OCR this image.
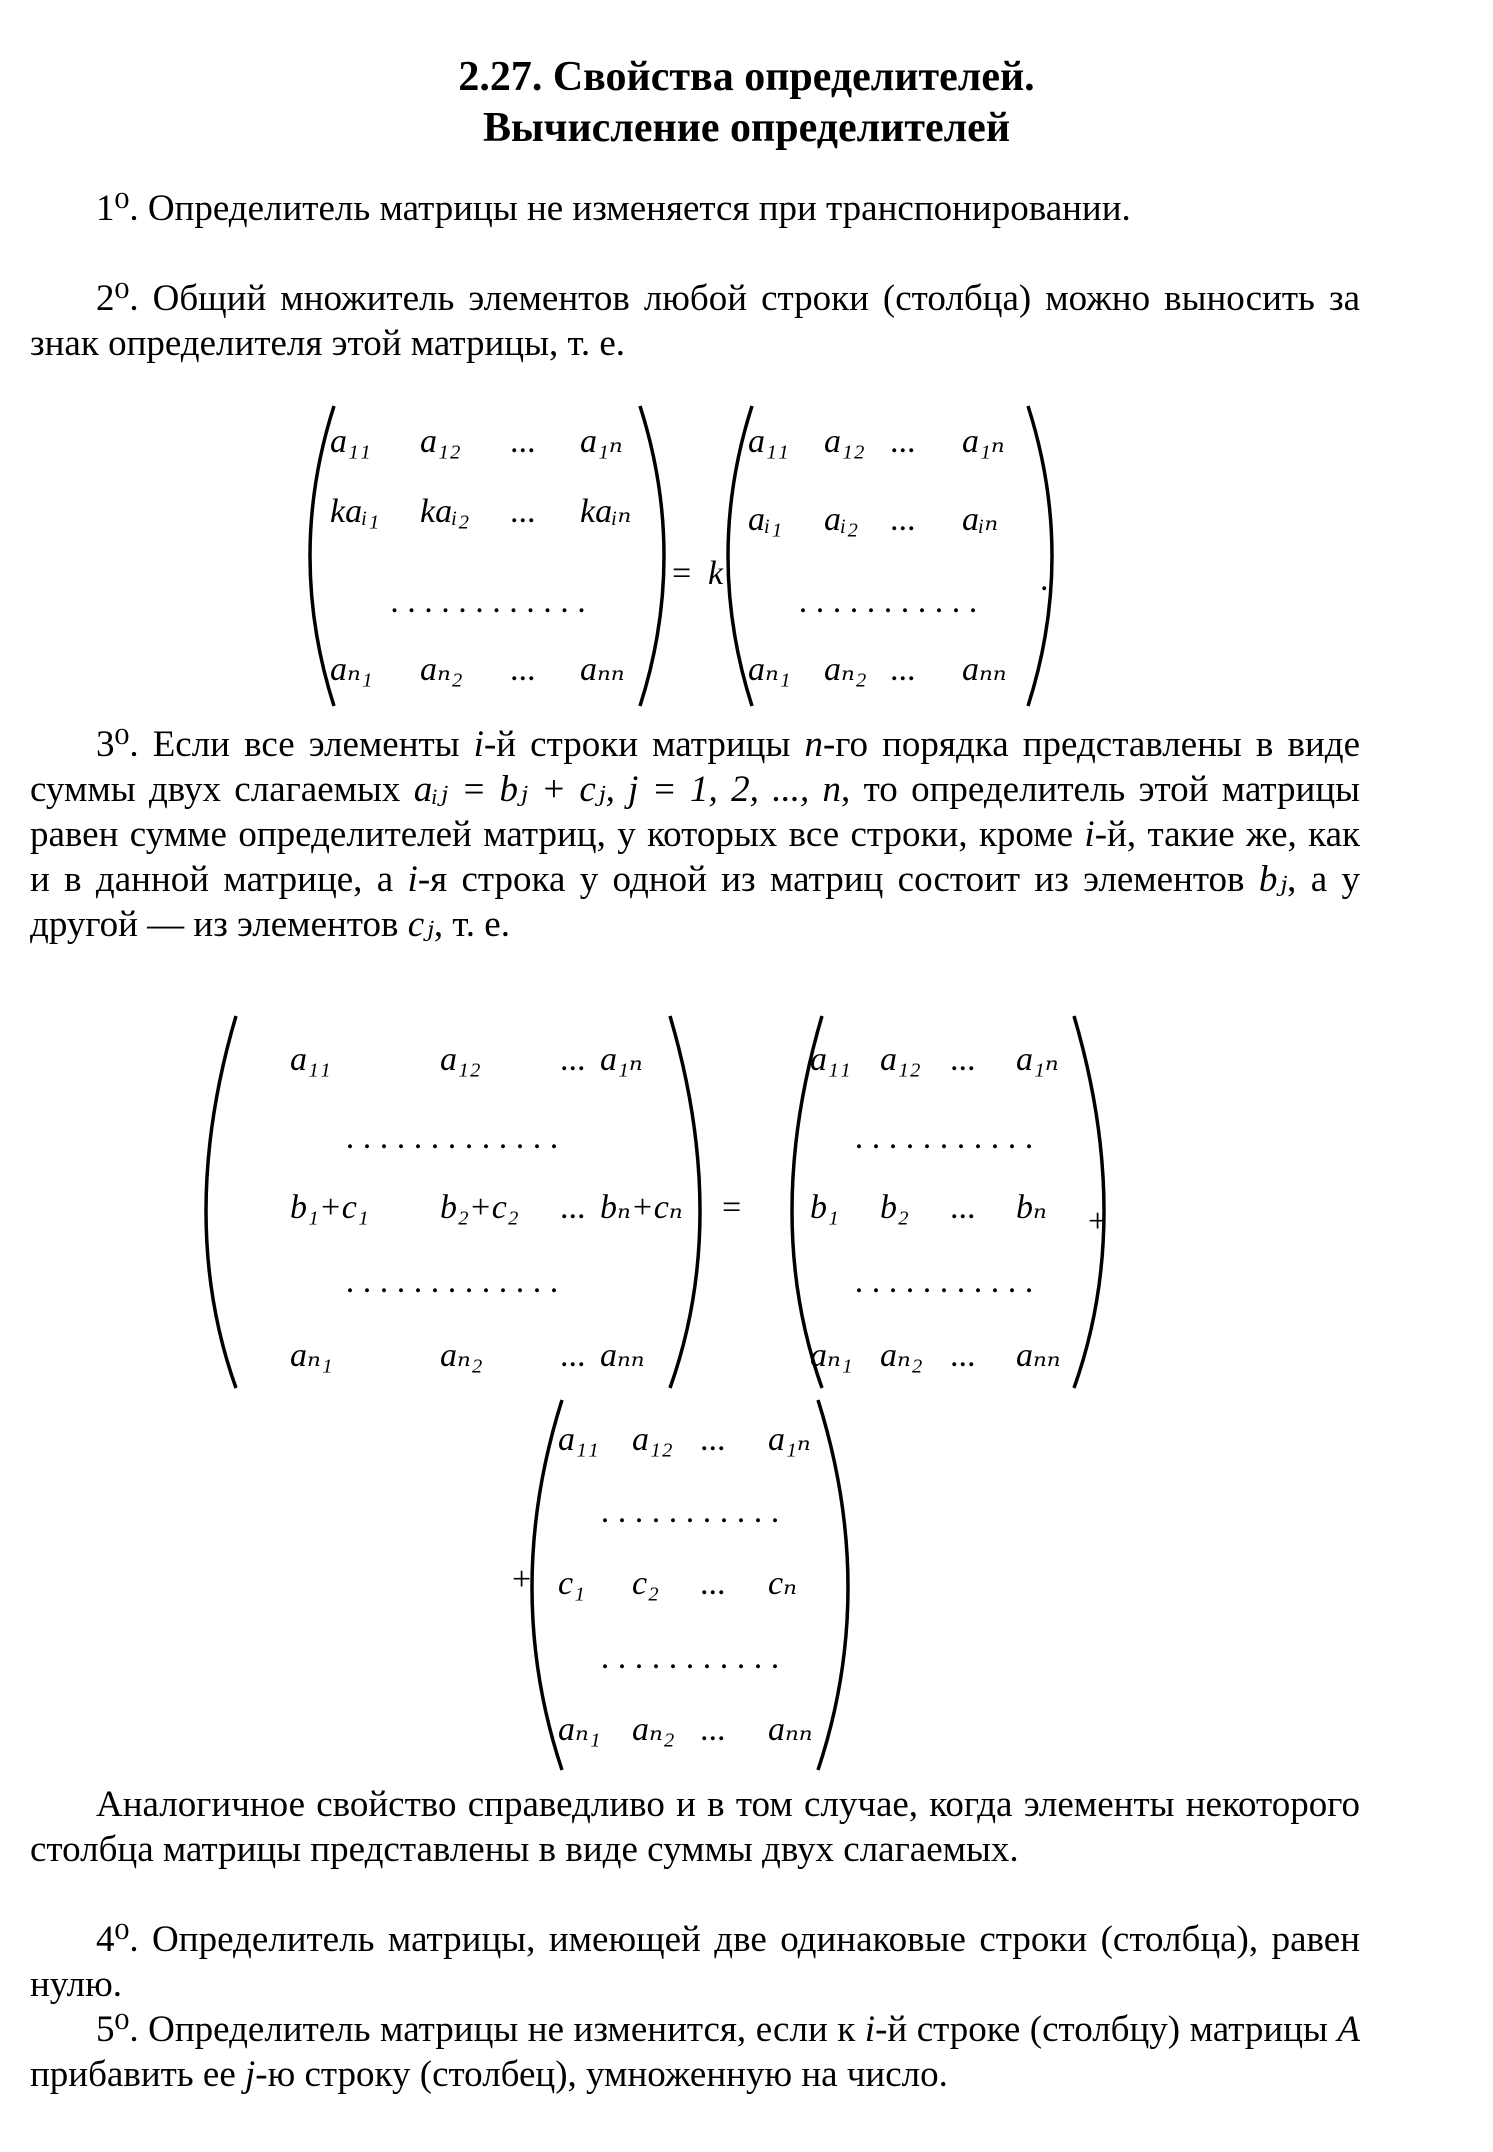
2.27. Свойства определителей.
Вычисление определителей
1⁰. Определитель матрицы не изменяется при транспонировании.
2⁰. Общий множитель элементов любой строки (столбца) можно выносить за знак определителя этой матрицы, т. е.
a₁₁ a₁₂ ... a₁ₙ
kaᵢ₁ kaᵢ₂ ... kaᵢₙ
. . . . . . . . . . . .
aₙ₁ aₙ₂ ... aₙₙ
= k
a₁₁ a₁₂ ... a₁ₙ
aᵢ₁ aᵢ₂ ... aᵢₙ
. . . . . . . . . . .
aₙ₁ aₙ₂ ... aₙₙ
.
3⁰. Если все элементы i-й строки матрицы n-го порядка представлены в виде суммы двух слагаемых aᵢⱼ = bⱼ + cⱼ, j = 1, 2, ..., n, то определитель этой матрицы равен сумме определителей матриц, у которых все строки, кроме i-й, такие же, как и в данной матрице, а i-я строка у одной из матриц состоит из элементов bⱼ, а у другой — из элементов cⱼ, т. е.
a₁₁	a₁₂ ... a₁ₙ
. . . . . . . . . . . . .
b₁+c₁ b₂+c₂ ... bₙ+cₙ
. . . . . . . . . . . . .
aₙ₁	aₙ₂ ... aₙₙ
=
a₁₁ a₁₂ ... a₁ₙ
. . . . . . . . . . .
b₁ b₂ ... bₙ
. . . . . . . . . . .
aₙ₁ aₙ₂ ... aₙₙ
+
+
a₁₁ a₁₂ ... a₁ₙ
. . . . . . . . . . .
c₁ c₂ ... cₙ
. . . . . . . . . . .
aₙ₁ aₙ₂ ... aₙₙ
Аналогичное свойство справедливо и в том случае, когда элементы некоторого столбца матрицы представлены в виде суммы двух слагаемых.
4⁰. Определитель матрицы, имеющей две одинаковые строки (столбца), равен нулю.
5⁰. Определитель матрицы не изменится, если к i-й строке (столбцу) матрицы A прибавить ее j-ю строку (столбец), умноженную на число.
